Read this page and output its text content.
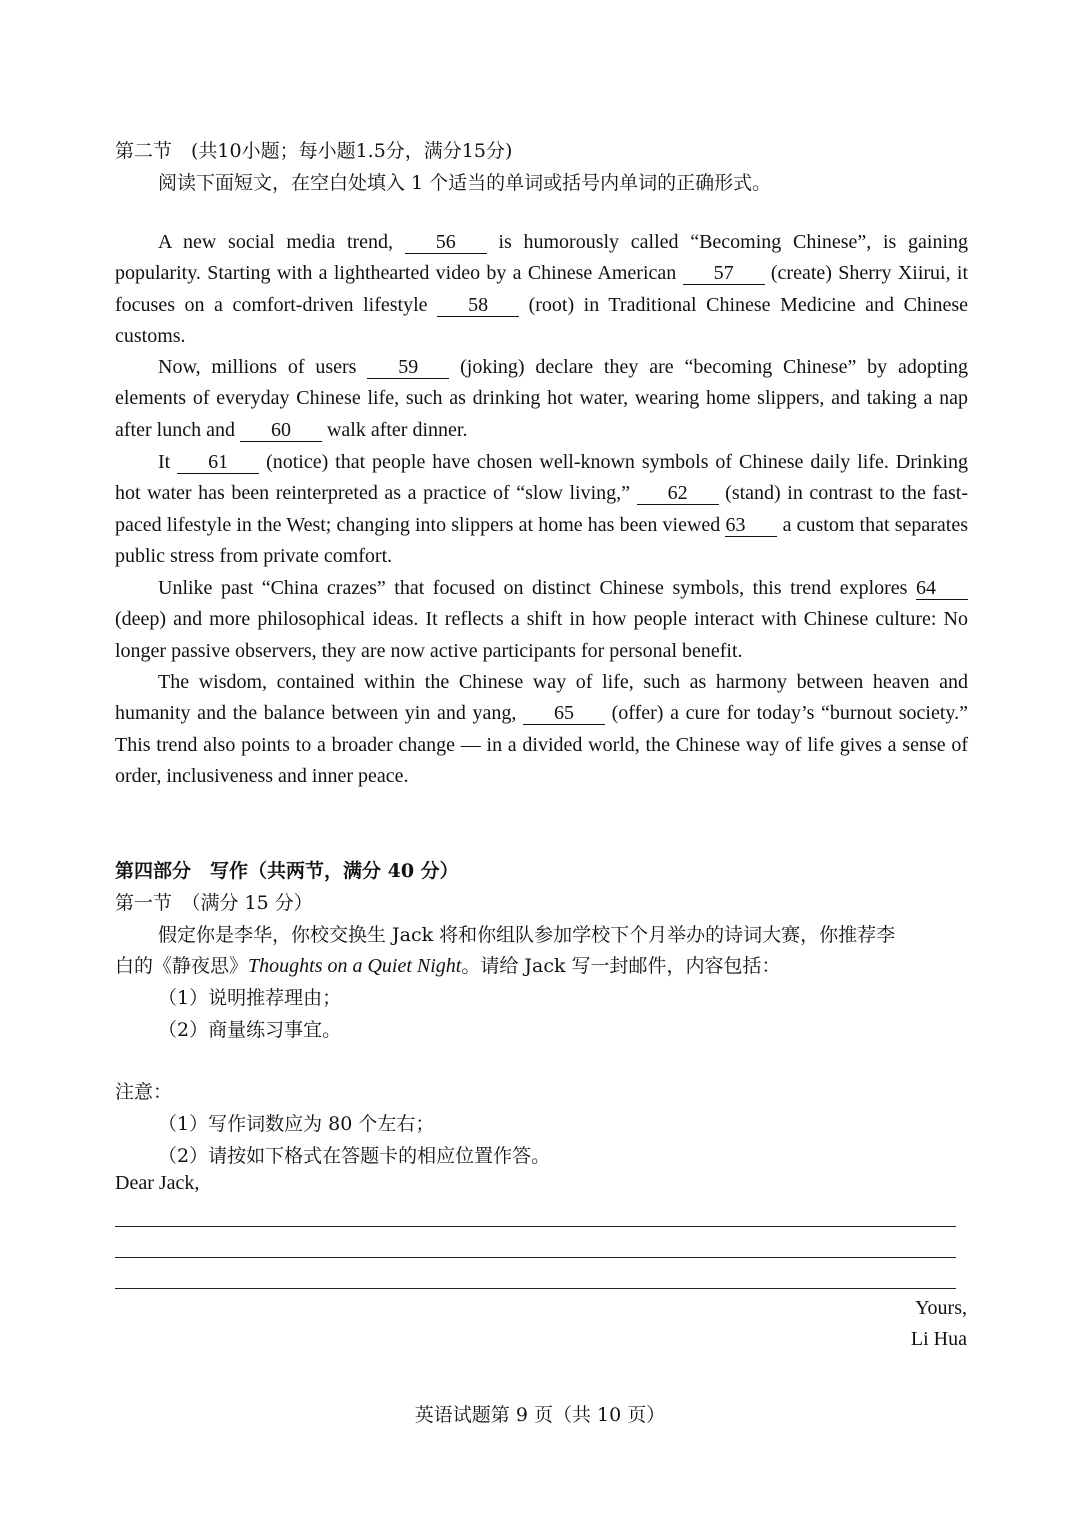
第二节　(共10小题；每小题1.5分，满分15分)
阅读下面短文，在空白处填入 1 个适当的单词或括号内单词的正确形式。
A new social media trend, 56 is humorously called “Becoming Chinese”, is gaining popularity. Starting with a lighthearted video by a Chinese American 57 (create) Sherry Xiirui, it focuses on a comfort-driven lifestyle 58 (root) in Traditional Chinese Medicine and Chinese customs.
Now, millions of users 59 (joking) declare they are “becoming Chinese” by adopting elements of everyday Chinese life, such as drinking hot water, wearing home slippers, and taking a nap after lunch and 60 walk after dinner.
It 61 (notice) that people have chosen well-known symbols of Chinese daily life. Drinking hot water has been reinterpreted as a practice of “slow living,” 62 (stand) in contrast to the fast-paced lifestyle in the West; changing into slippers at home has been viewed 63 a custom that separates public stress from private comfort.
Unlike past “China crazes” that focused on distinct Chinese symbols, this trend explores 64 (deep) and more philosophical ideas. It reflects a shift in how people interact with Chinese culture: No longer passive observers, they are now active participants for personal benefit.
The wisdom, contained within the Chinese way of life, such as harmony between heaven and humanity and the balance between yin and yang, 65 (offer) a cure for today’s “burnout society.” This trend also points to a broader change — in a divided world, the Chinese way of life gives a sense of order, inclusiveness and inner peace.
第四部分　写作（共两节，满分 40 分）
第一节　（满分 15 分）
假定你是李华，你校交换生 Jack 将和你组队参加学校下个月举办的诗词大赛，你推荐李
白的《静夜思》Thoughts on a Quiet Night。请给 Jack 写一封邮件，内容包括：
（1）说明推荐理由；
（2）商量练习事宜。
注意：
（1）写作词数应为 80 个左右；
（2）请按如下格式在答题卡的相应位置作答。
Dear Jack,
Yours,
Li Hua
英语试题第 9 页（共 10 页）
